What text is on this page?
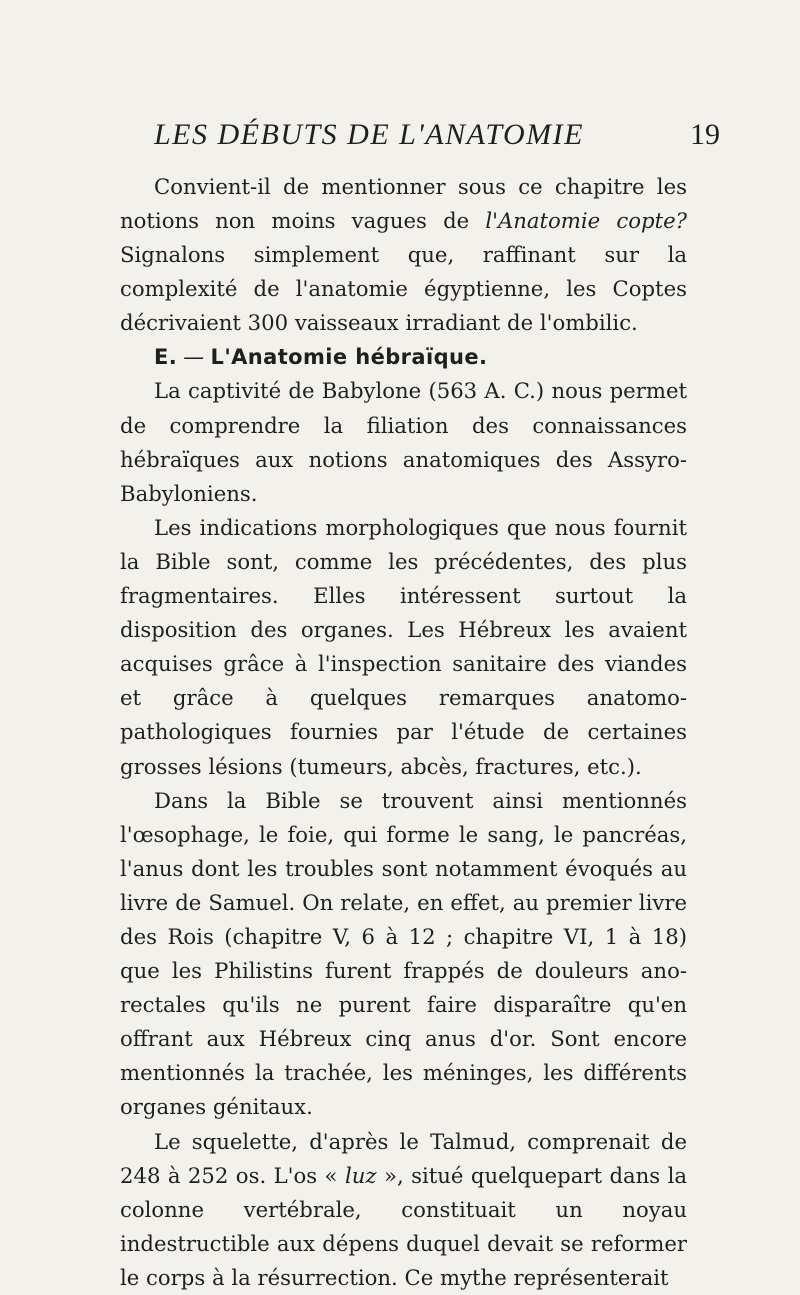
LES DÉBUTS DE L'ANATOMIE	19

Convient-il de mentionner sous ce chapitre les notions non moins vagues de l'Anatomie copte? Signalons simplement que, raffinant sur la complexité de l'anatomie égyptienne, les Coptes décrivaient 300 vaisseaux irradiant de l'ombilic.

E. — L'Anatomie hébraïque.

La captivité de Babylone (563 A. C.) nous permet de comprendre la filiation des connaissances hébraïques aux notions anatomiques des Assyro-Babyloniens.

Les indications morphologiques que nous fournit la Bible sont, comme les précédentes, des plus fragmentaires. Elles intéressent surtout la disposition des organes. Les Hébreux les avaient acquises grâce à l'inspection sanitaire des viandes et grâce à quelques remarques anatomo-pathologiques fournies par l'étude de certaines grosses lésions (tumeurs, abcès, fractures, etc.).

Dans la Bible se trouvent ainsi mentionnés l'œsophage, le foie, qui forme le sang, le pancréas, l'anus dont les troubles sont notamment évoqués au livre de Samuel. On relate, en effet, au premier livre des Rois (chapitre V, 6 à 12 ; chapitre VI, 1 à 18) que les Philistins furent frappés de douleurs ano-rectales qu'ils ne purent faire disparaître qu'en offrant aux Hébreux cinq anus d'or. Sont encore mentionnés la trachée, les méninges, les différents organes génitaux.

Le squelette, d'après le Talmud, comprenait de 248 à 252 os. L'os « luz », situé quelquepart dans la colonne vertébrale, constituait un noyau indestructible aux dépens duquel devait se reformer le corps à la résurrection. Ce mythe représenterait
